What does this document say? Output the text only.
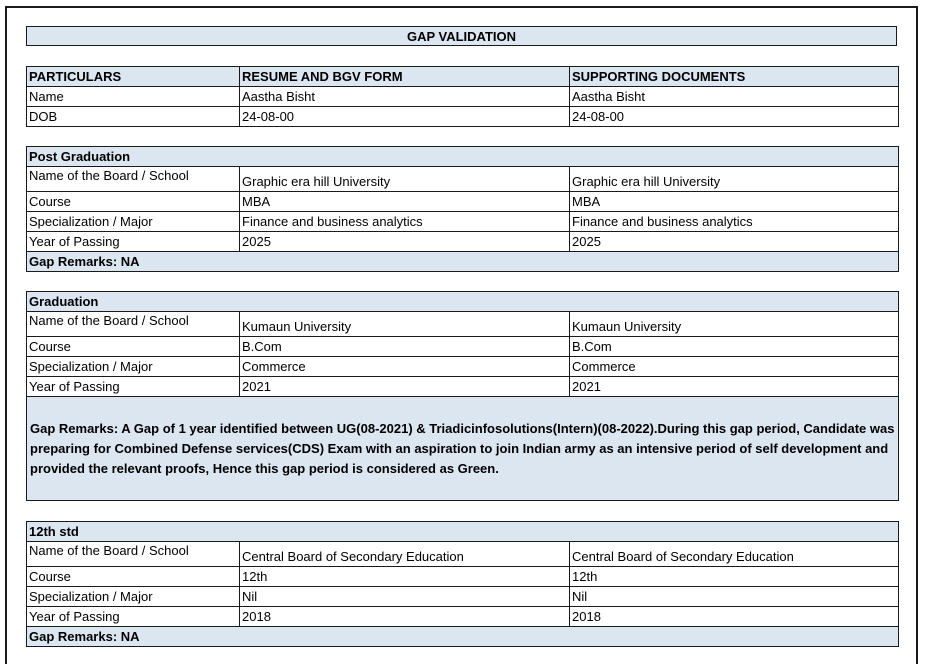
GAP VALIDATION
PARTICULARS	RESUME AND BGV FORM	SUPPORTING DOCUMENTS
Name	Aastha Bisht	Aastha Bisht
DOB	24-08-00	24-08-00
Post Graduation		
Name of the Board / School	Graphic era hill University	Graphic era hill University
Course	MBA	MBA
Specialization / Major	Finance and business analytics	Finance and business analytics
Year of Passing	2025	2025
Gap Remarks: NA		
Graduation		
Name of the Board / School	Kumaun University	Kumaun University
Course	B.Com	B.Com
Specialization / Major	Commerce	Commerce
Year of Passing	2021	2021
Gap Remarks: A Gap of 1 year identified between UG(08-2021) & Triadicinfosolutions(Intern)(08-2022).During this gap period, Candidate was preparing for Combined Defense services(CDS) Exam with an aspiration to join Indian army as an intensive period of self development and provided the relevant proofs, Hence this gap period is considered as Green.		
12th std		
Name of the Board / School	Central Board of Secondary Education	Central Board of Secondary Education
Course	12th	12th
Specialization / Major	Nil	Nil
Year of Passing	2018	2018
Gap Remarks: NA		
